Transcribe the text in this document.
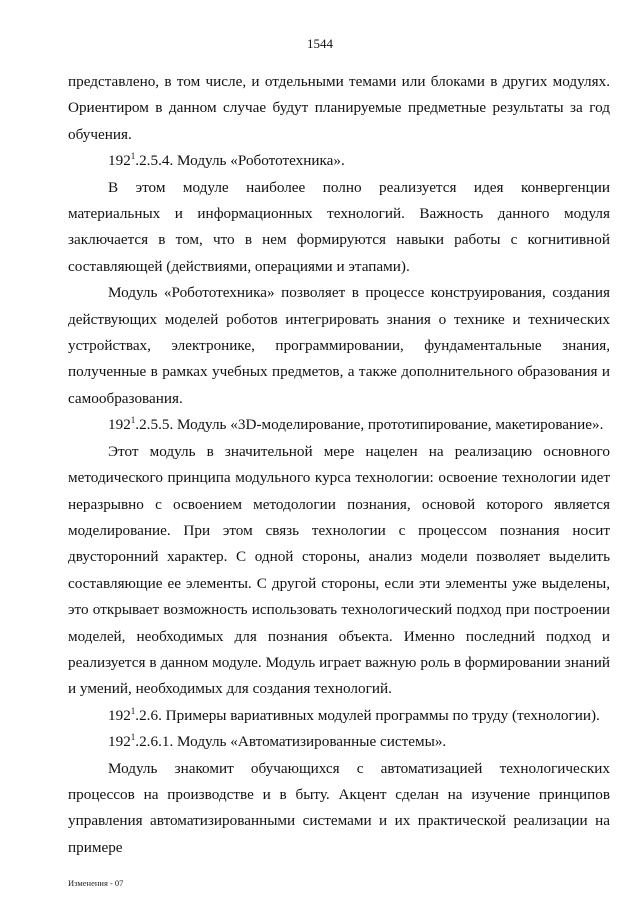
1544

представлено, в том числе, и отдельными темами или блоками в других модулях. Ориентиром в данном случае будут планируемые предметные результаты за год обучения.

$192^1.2.5.4$. Модуль «Робототехника».

В этом модуле наиболее полно реализуется идея конвергенции материальных и информационных технологий. Важность данного модуля заключается в том, что в нем формируются навыки работы с когнитивной составляющей (действиями, операциями и этапами).

Модуль «Робототехника» позволяет в процессе конструирования, создания действующих моделей роботов интегрировать знания о технике и технических устройствах, электронике, программировании, фундаментальные знания, полученные в рамках учебных предметов, а также дополнительного образования и самообразования.

$192^1.2.5.5$. Модуль «3D-моделирование, прототипирование, макетирование».

Этот модуль в значительной мере нацелен на реализацию основного методического принципа модульного курса технологии: освоение технологии идет неразрывно с освоением методологии познания, основой которого является моделирование. При этом связь технологии с процессом познания носит двусторонний характер. С одной стороны, анализ модели позволяет выделить составляющие ее элементы. С другой стороны, если эти элементы уже выделены, это открывает возможность использовать технологический подход при построении моделей, необходимых для познания объекта. Именно последний подход и реализуется в данном модуле. Модуль играет важную роль в формировании знаний и умений, необходимых для создания технологий.

$192^1.2.6$. Примеры вариативных модулей программы по труду (технологии).

$192^1.2.6.1$. Модуль «Автоматизированные системы».

Модуль знакомит обучающихся с автоматизацией технологических процессов на производстве и в быту. Акцент сделан на изучение принципов управления автоматизированными системами и их практической реализации на примере

Изменения - 07
